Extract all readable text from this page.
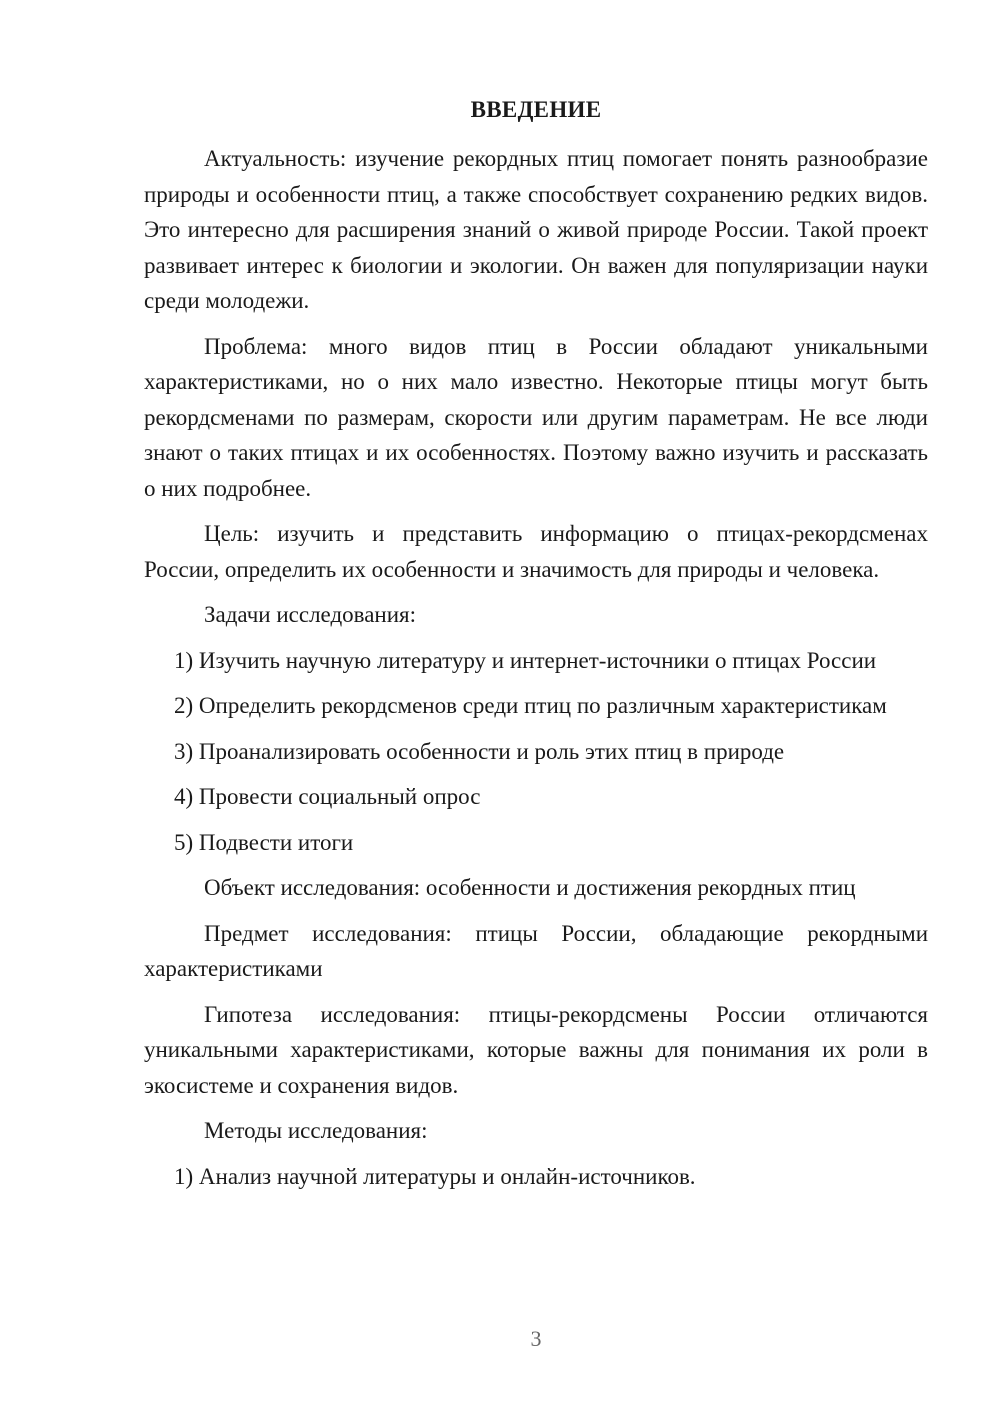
ВВЕДЕНИЕ

Актуальность: изучение рекордных птиц помогает понять разнообразие природы и особенности птиц, а также способствует сохранению редких видов. Это интересно для расширения знаний о живой природе России. Такой проект развивает интерес к биологии и экологии. Он важен для популяризации науки среди молодежи.

Проблема: много видов птиц в России обладают уникальными характеристиками, но о них мало известно. Некоторые птицы могут быть рекордсменами по размерам, скорости или другим параметрам. Не все люди знают о таких птицах и их особенностях. Поэтому важно изучить и рассказать о них подробнее.

Цель: изучить и представить информацию о птицах-рекордсменах России, определить их особенности и значимость для природы и человека.

Задачи исследования:

1) Изучить научную литературу и интернет-источники о птицах России

2) Определить рекордсменов среди птиц по различным характеристикам

3) Проанализировать особенности и роль этих птиц в природе

4) Провести социальный опрос

5) Подвести итоги

Объект исследования: особенности и достижения рекордных птиц

Предмет исследования: птицы России, обладающие рекордными характеристиками

Гипотеза исследования: птицы-рекордсмены России отличаются уникальными характеристиками, которые важны для понимания их роли в экосистеме и сохранения видов.

Методы исследования:

1) Анализ научной литературы и онлайн-источников.

3
